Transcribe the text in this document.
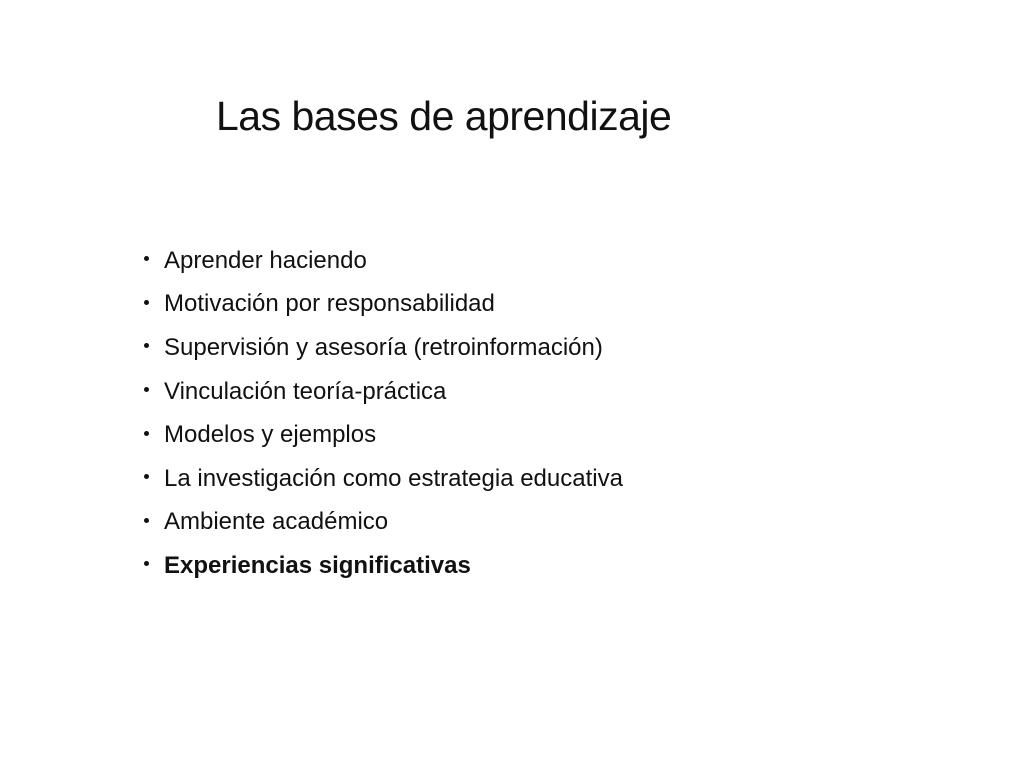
Las bases de aprendizaje
Aprender haciendo
Motivación por responsabilidad
Supervisión y asesoría (retroinformación)
Vinculación teoría-práctica
Modelos y ejemplos
La investigación como estrategia educativa
Ambiente académico
Experiencias significativas
